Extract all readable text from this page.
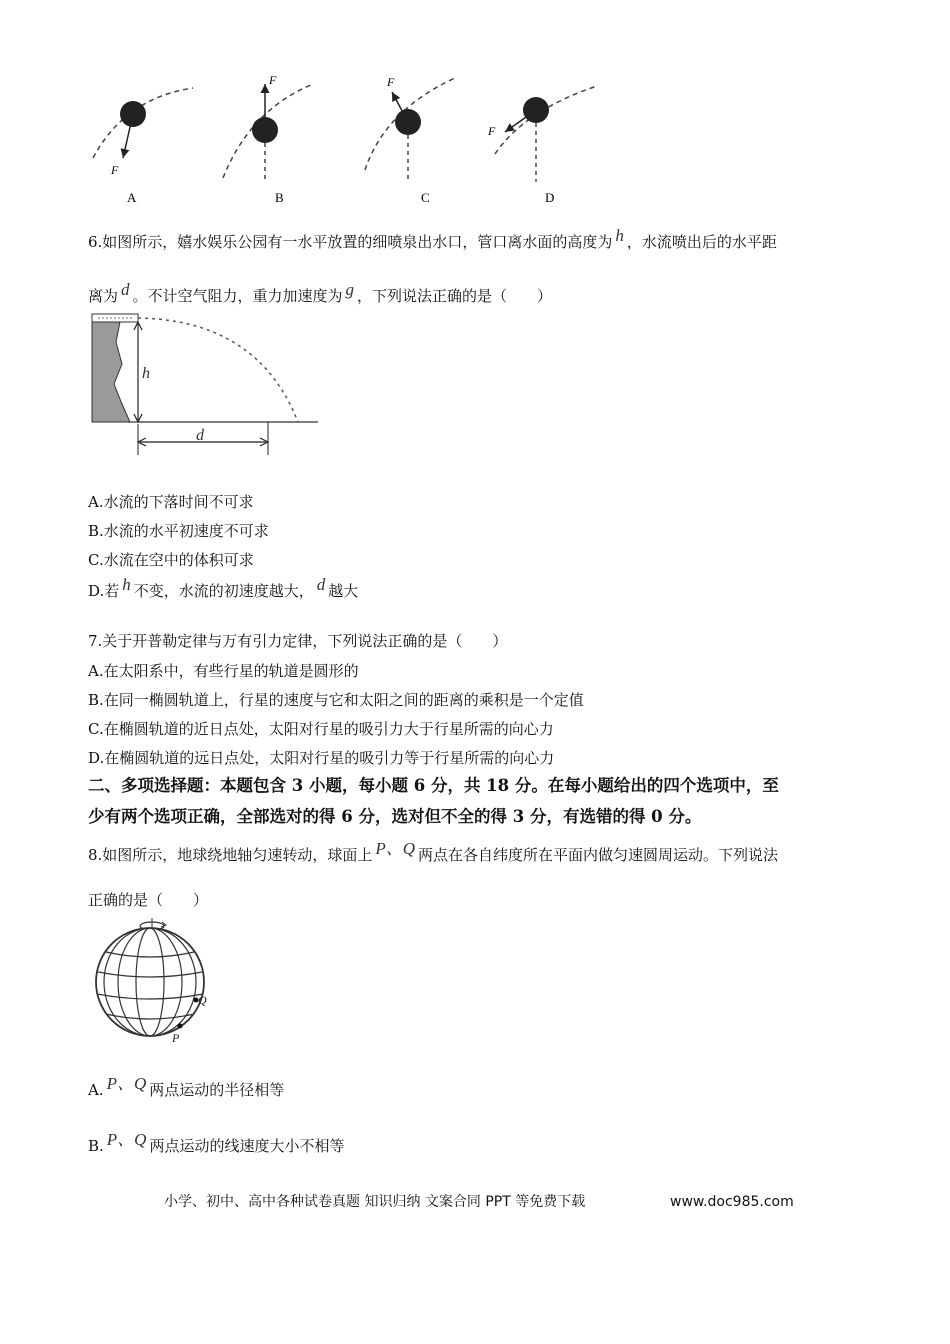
F
A
F
B
F
C
F
D
6.如图所示，嬉水娱乐公园有一水平放置的细喷泉出水口，管口离水面的高度为 h ，水流喷出后的水平距
离为 d 。不计空气阻力，重力加速度为 g ，下列说法正确的是（　　）
h
d
A.水流的下落时间不可求
B.水流的水平初速度不可求
C.水流在空中的体积可求
D.若 h 不变，水流的初速度越大， d 越大
7.关于开普勒定律与万有引力定律，下列说法正确的是（　　）
A.在太阳系中，有些行星的轨道是圆形的
B.在同一椭圆轨道上，行星的速度与它和太阳之间的距离的乘积是一个定值
C.在椭圆轨道的近日点处，太阳对行星的吸引力大于行星所需的向心力
D.在椭圆轨道的远日点处，太阳对行星的吸引力等于行星所需的向心力
二、多项选择题：本题包含 3 小题，每小题 6 分，共 18 分。在每小题给出的四个选项中，至
少有两个选项正确，全部选对的得 6 分，选对但不全的得 3 分，有选错的得 0 分。
8.如图所示，地球绕地轴匀速转动，球面上 P、Q 两点在各自纬度所在平面内做匀速圆周运动。下列说法
正确的是（　　）
Q
P
A. P、Q 两点运动的半径相等
B. P、Q 两点运动的线速度大小不相等
小学、初中、高中各种试卷真题 知识归纳 文案合同 PPT 等免费下载	www.doc985.com
